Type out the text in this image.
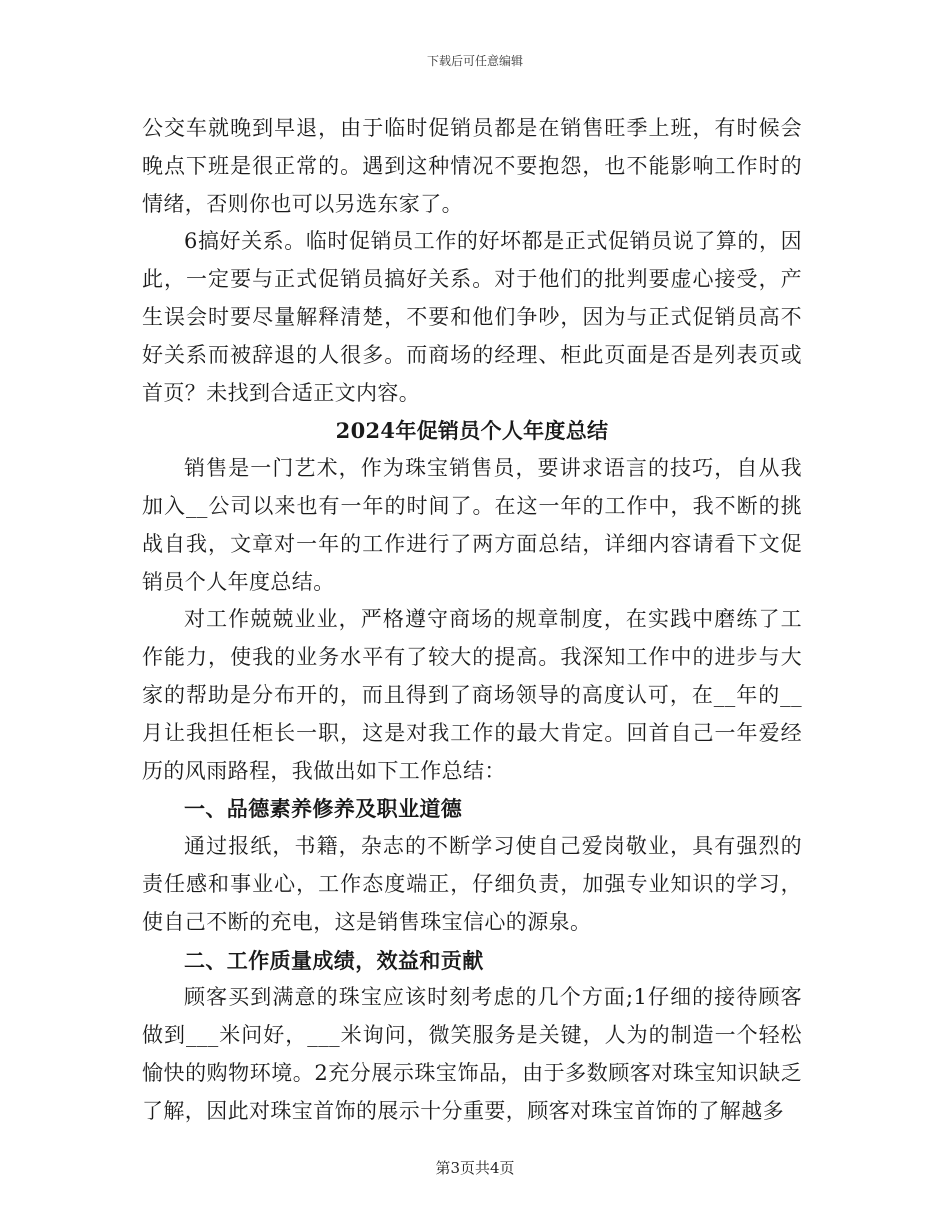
下载后可任意编辑

公交车就晚到早退，由于临时促销员都是在销售旺季上班，有时候会晚点下班是很正常的。遇到这种情况不要抱怨，也不能影响工作时的情绪，否则你也可以另选东家了。

6搞好关系。临时促销员工作的好坏都是正式促销员说了算的，因此，一定要与正式促销员搞好关系。对于他们的批判要虚心接受，产生误会时要尽量解释清楚，不要和他们争吵，因为与正式促销员高不好关系而被辞退的人很多。而商场的经理、柜此页面是否是列表页或首页？未找到合适正文内容。

2024年促销员个人年度总结

销售是一门艺术，作为珠宝销售员，要讲求语言的技巧，自从我加入__公司以来也有一年的时间了。在这一年的工作中，我不断的挑战自我，文章对一年的工作进行了两方面总结，详细内容请看下文促销员个人年度总结。

对工作兢兢业业，严格遵守商场的规章制度，在实践中磨练了工作能力，使我的业务水平有了较大的提高。我深知工作中的进步与大家的帮助是分布开的，而且得到了商场领导的高度认可，在__年的__月让我担任柜长一职，这是对我工作的最大肯定。回首自己一年爱经历的风雨路程，我做出如下工作总结：

一、品德素养修养及职业道德

通过报纸，书籍，杂志的不断学习使自己爱岗敬业，具有强烈的责任感和事业心，工作态度端正，仔细负责，加强专业知识的学习，使自己不断的充电，这是销售珠宝信心的源泉。

二、工作质量成绩，效益和贡献

顾客买到满意的珠宝应该时刻考虑的几个方面;1仔细的接待顾客做到___米问好，___米询问，微笑服务是关键，人为的制造一个轻松愉快的购物环境。2充分展示珠宝饰品，由于多数顾客对珠宝知识缺乏了解，因此对珠宝首饰的展示十分重要，顾客对珠宝首饰的了解越多

第3页共4页
